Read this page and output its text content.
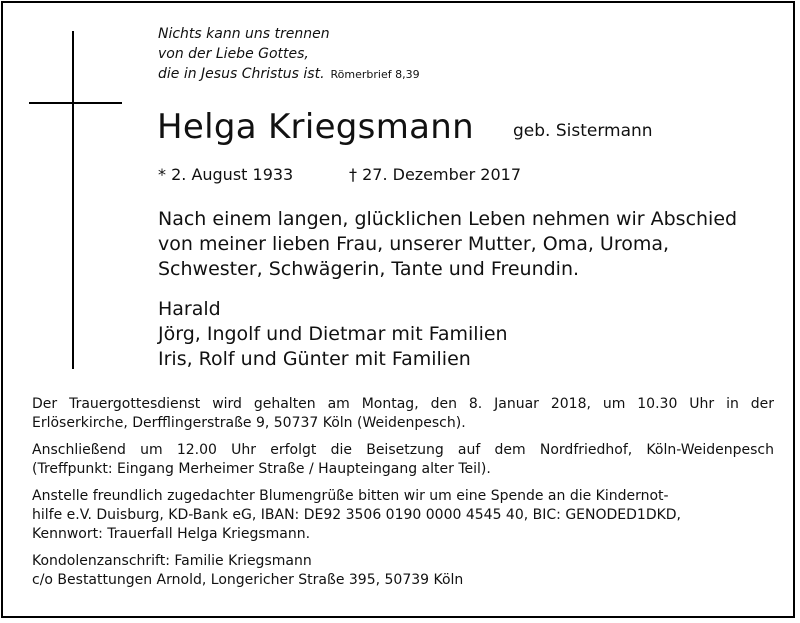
Nichts kann uns trennen
von der Liebe Gottes,
die in Jesus Christus ist. Römerbrief 8,39
Helga Kriegsmann geb. Sistermann
* 2. August 1933	† 27. Dezember 2017
Nach einem langen, glücklichen Leben nehmen wir Abschied
von meiner lieben Frau, unserer Mutter, Oma, Uroma,
Schwester, Schwägerin, Tante und Freundin.
Harald
Jörg, Ingolf und Dietmar mit Familien
Iris, Rolf und Günter mit Familien

Der Trauergottesdienst wird gehalten am Montag, den 8. Januar 2018, um 10.30 Uhr in der
Erlöserkirche, Derfflingerstraße 9, 50737 Köln (Weidenpesch).

Anschließend um 12.00 Uhr erfolgt die Beisetzung auf dem Nordfriedhof, Köln-Weidenpesch
(Treffpunkt: Eingang Merheimer Straße / Haupteingang alter Teil).

Anstelle freundlich zugedachter Blumengrüße bitten wir um eine Spende an die Kindernot-
hilfe e.V. Duisburg, KD-Bank eG, IBAN: DE92 3506 0190 0000 4545 40, BIC: GENODED1DKD,
Kennwort: Trauerfall Helga Kriegsmann.

Kondolenzanschrift: Familie Kriegsmann
c/o Bestattungen Arnold, Longericher Straße 395, 50739 Köln
